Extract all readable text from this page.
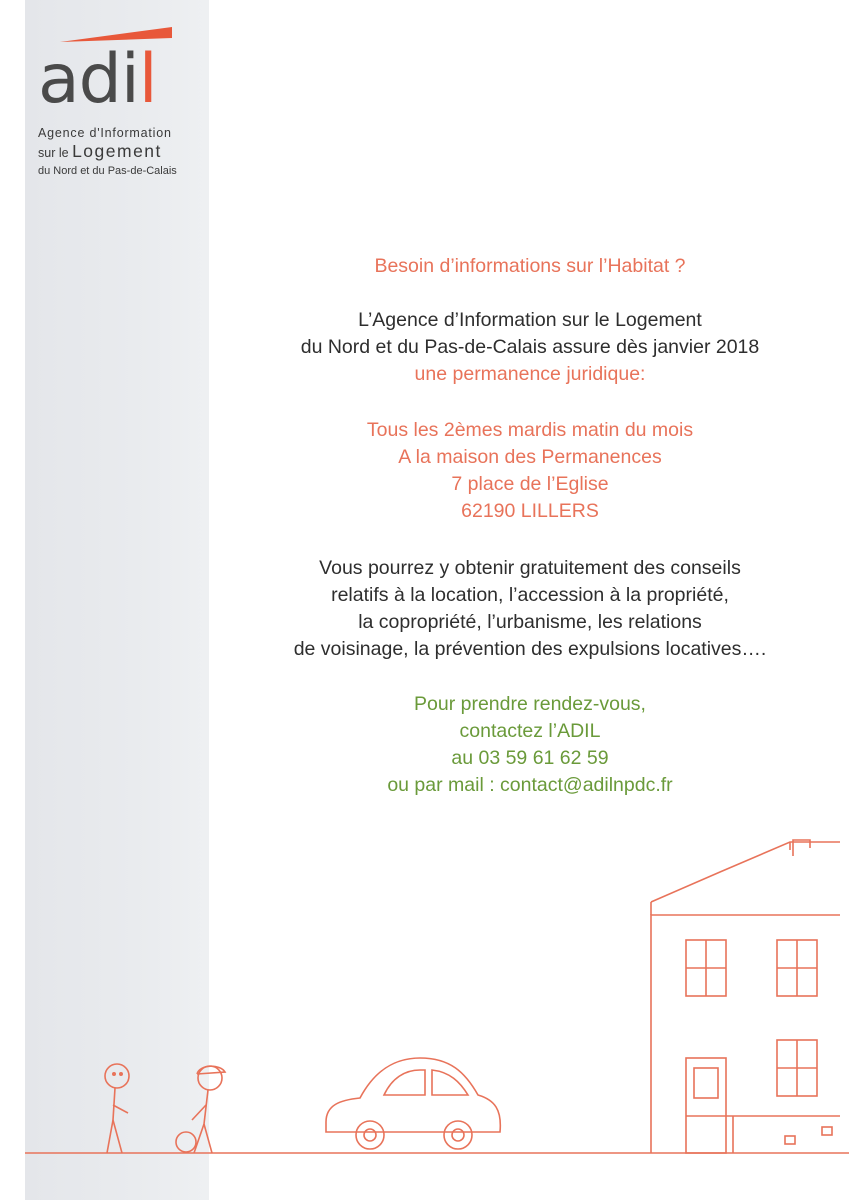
adil
Agence d'Information
sur le Logement
du Nord et du Pas-de-Calais

Besoin d’informations sur l’Habitat ?

L’Agence d’Information sur le Logement

du Nord et du Pas-de-Calais assure dès janvier 2018

une permanence juridique:

Tous les 2èmes mardis matin du mois

A la maison des Permanences

7 place de l’Eglise

62190 LILLERS

Vous pourrez y obtenir gratuitement des conseils

relatifs à la location, l’accession à la propriété,

la copropriété, l’urbanisme, les relations

de voisinage, la prévention des expulsions locatives….

Pour prendre rendez-vous,

contactez l’ADIL

au 03 59 61 62 59

ou par mail : contact@adilnpdc.fr
